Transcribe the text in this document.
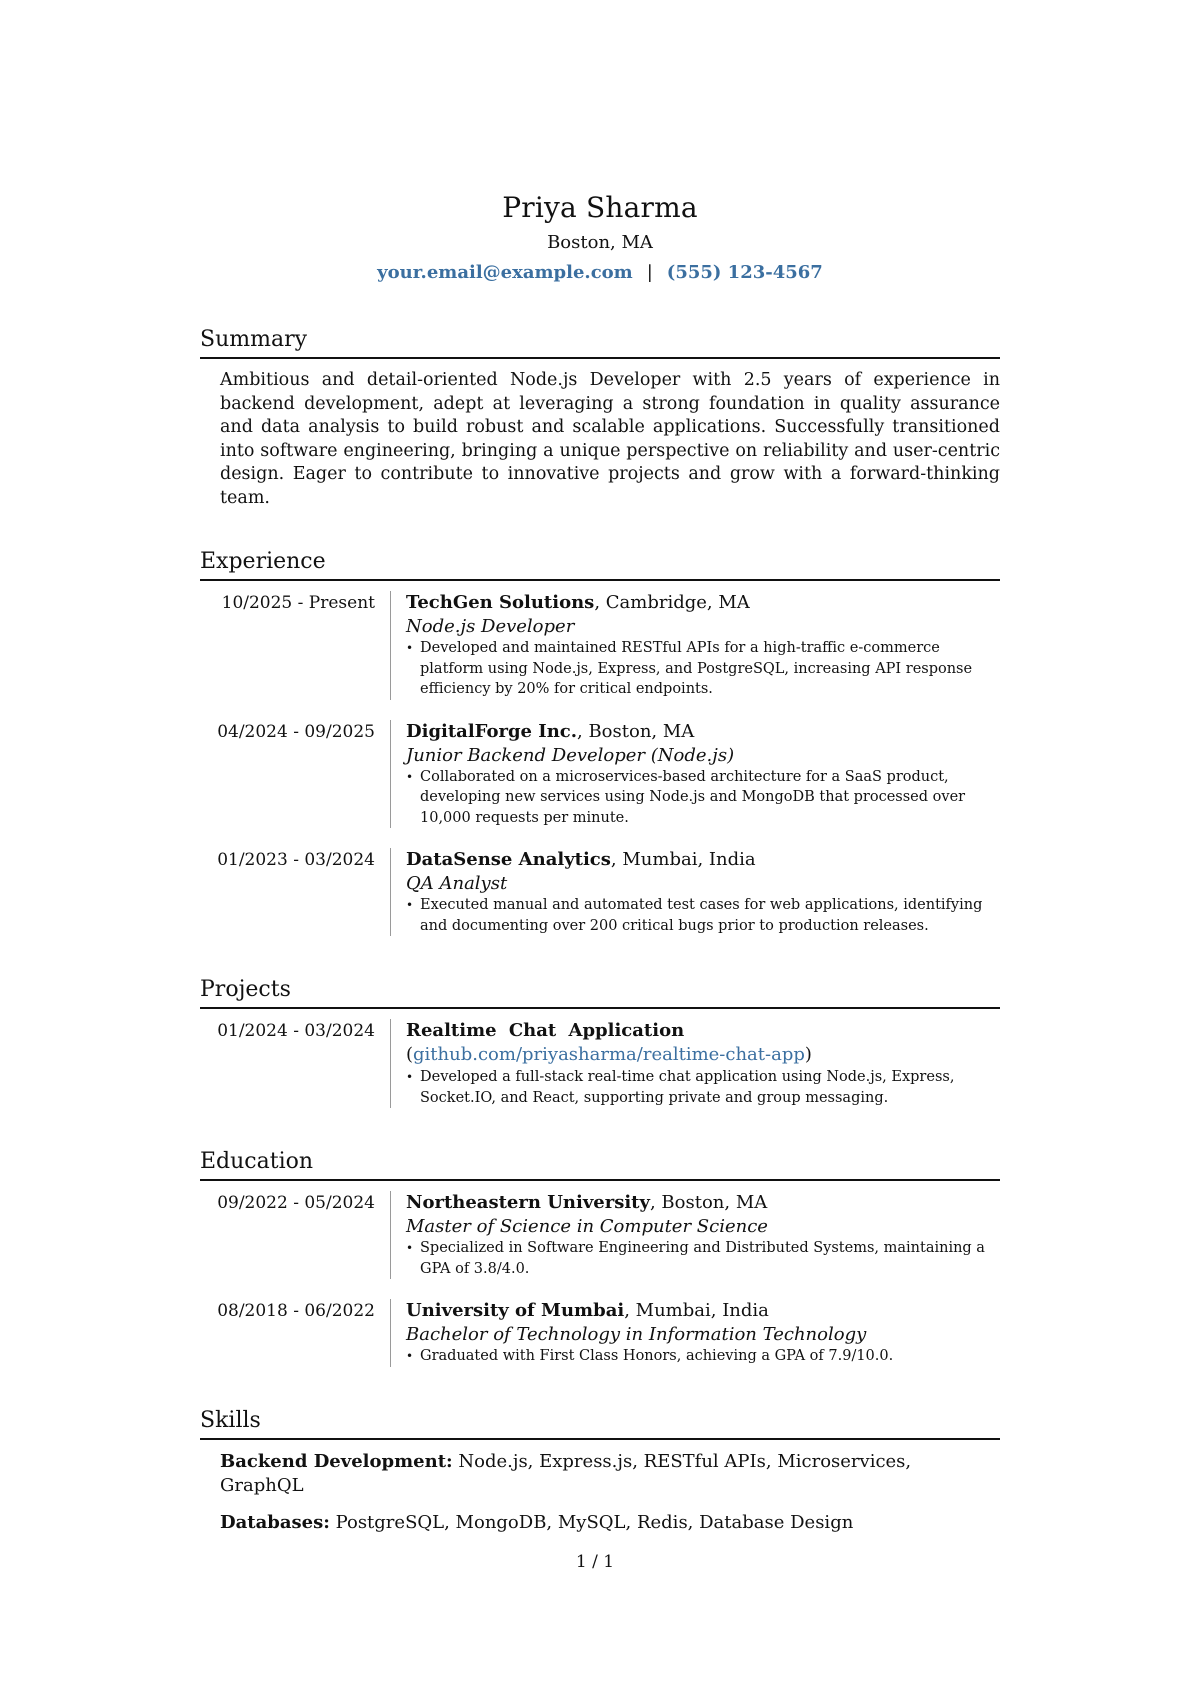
Priya Sharma
Boston, MA
your.email@example.com | (555) 123-4567
Summary

Ambitious and detail-oriented Node.js Developer with 2.5 years of experience in backend development, adept at leveraging a strong foundation in quality assurance and data analysis to build robust and scalable applications. Successfully transitioned into software engineering, bringing a unique perspective on reliability and user-centric design. Eager to contribute to innovative projects and grow with a forward-thinking team.

Experience
10/2025 - Present	TechGen Solutions, Cambridge, MA
Node.js Developer
• Developed and maintained RESTful APIs for a high-traffic e-commerce platform using Node.js, Express, and PostgreSQL, increasing API response efficiency by 20% for critical endpoints.
04/2024 - 09/2025	DigitalForge Inc., Boston, MA
Junior Backend Developer (Node.js)
• Collaborated on a microservices-based architecture for a SaaS product, developing new services using Node.js and MongoDB that processed over 10,000 requests per minute.
01/2023 - 03/2024	DataSense Analytics, Mumbai, India
QA Analyst
• Executed manual and automated test cases for web applications, identifying and documenting over 200 critical bugs prior to production releases.
Projects
01/2024 - 03/2024	Realtime Chat Application (github.com/priyasharma/realtime-chat-app)
• Developed a full-stack real-time chat application using Node.js, Express, Socket.IO, and React, supporting private and group messaging.
Education
09/2022 - 05/2024	Northeastern University, Boston, MA
Master of Science in Computer Science
• Specialized in Software Engineering and Distributed Systems, maintaining a GPA of 3.8/4.0.
08/2018 - 06/2022	University of Mumbai, Mumbai, India
Bachelor of Technology in Information Technology
• Graduated with First Class Honors, achieving a GPA of 7.9/10.0.
Skills
Backend Development: Node.js, Express.js, RESTful APIs, Microservices, GraphQL
Databases: PostgreSQL, MongoDB, MySQL, Redis, Database Design
1 / 1
